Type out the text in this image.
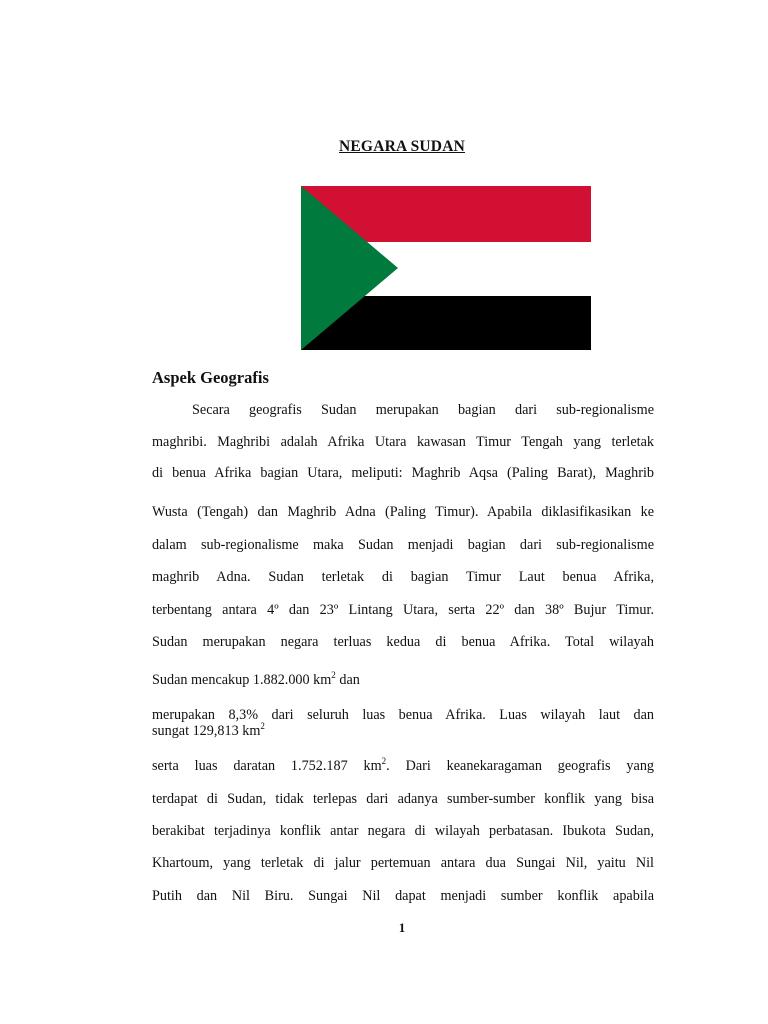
NEGARA SUDAN
Aspek Geografis
Secara geografis Sudan merupakan bagian dari sub-regionalisme
maghribi. Maghribi adalah Afrika Utara kawasan Timur Tengah yang terletak
di benua Afrika bagian Utara, meliputi: Maghrib Aqsa (Paling Barat), Maghrib
Wusta (Tengah) dan Maghrib Adna (Paling Timur). Apabila diklasifikasikan ke
dalam sub-regionalisme maka Sudan menjadi bagian dari sub-regionalisme
maghrib Adna. Sudan terletak di bagian Timur Laut benua Afrika,
terbentang antara 4º dan 23º Lintang Utara, serta 22º dan 38º Bujur Timur.
Sudan merupakan negara terluas kedua di benua Afrika. Total wilayah
Sudan mencakup 1.882.000 $km^2$ dan
merupakan 8,3% dari seluruh luas benua Afrika. Luas wilayah laut dan
sungat 129,813 $km^2$
serta luas daratan 1.752.187 $km^2$. Dari keanekaragaman geografis yang
terdapat di Sudan, tidak terlepas dari adanya sumber-sumber konflik yang bisa
berakibat terjadinya konflik antar negara di wilayah perbatasan. Ibukota Sudan,
Khartoum, yang terletak di jalur pertemuan antara dua Sungai Nil, yaitu Nil
Putih dan Nil Biru. Sungai Nil dapat menjadi sumber konflik apabila
1
